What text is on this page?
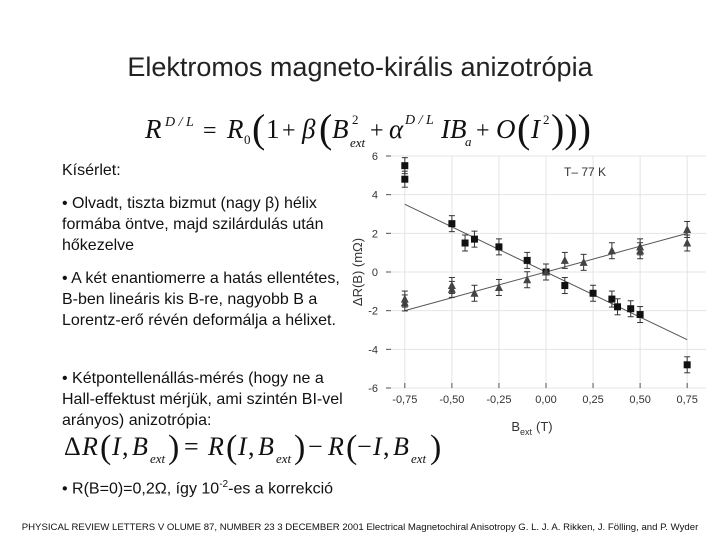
Elektromos magneto-királis anizotrópia
R D / L = R 0 ( 1 + β ( B 2
ext + α D / L IB
a + O ( I 2 )))
Kísérlet:
• Olvadt, tiszta bizmut (nagy β) hélix formába öntve, majd szilárdulás után hőkezelve
• A két enantiomerre a hatás ellentétes, B-ben lineáris kis B-re, nagyobb B a Lorentz-erő révén deformálja a hélixet.
• Kétpontellenállás-mérés (hogy ne a Hall-effektust mérjük, ami szintén BI-vel arányos) anizotrópia:
Δ R ( I , B ext ) = R ( I , B ext ) − R ( − I , B ext )
• R(B=0)=0,2Ω, így $10^{-2}-es$ a korrekció
-6
-4
-2
0
2
4
6
-0,75 -0,50 -0,25 0,00 0,25 0,50 0,75
T– 77 K
ΔR(B) (mΩ)
$B_{ext}$ (T)
PHYSICAL REVIEW LETTERS V OLUME 87, NUMBER 23 3 DECEMBER 2001 Electrical Magnetochiral Anisotropy G. L. J. A. Rikken, J. Fölling, and P. Wyder
